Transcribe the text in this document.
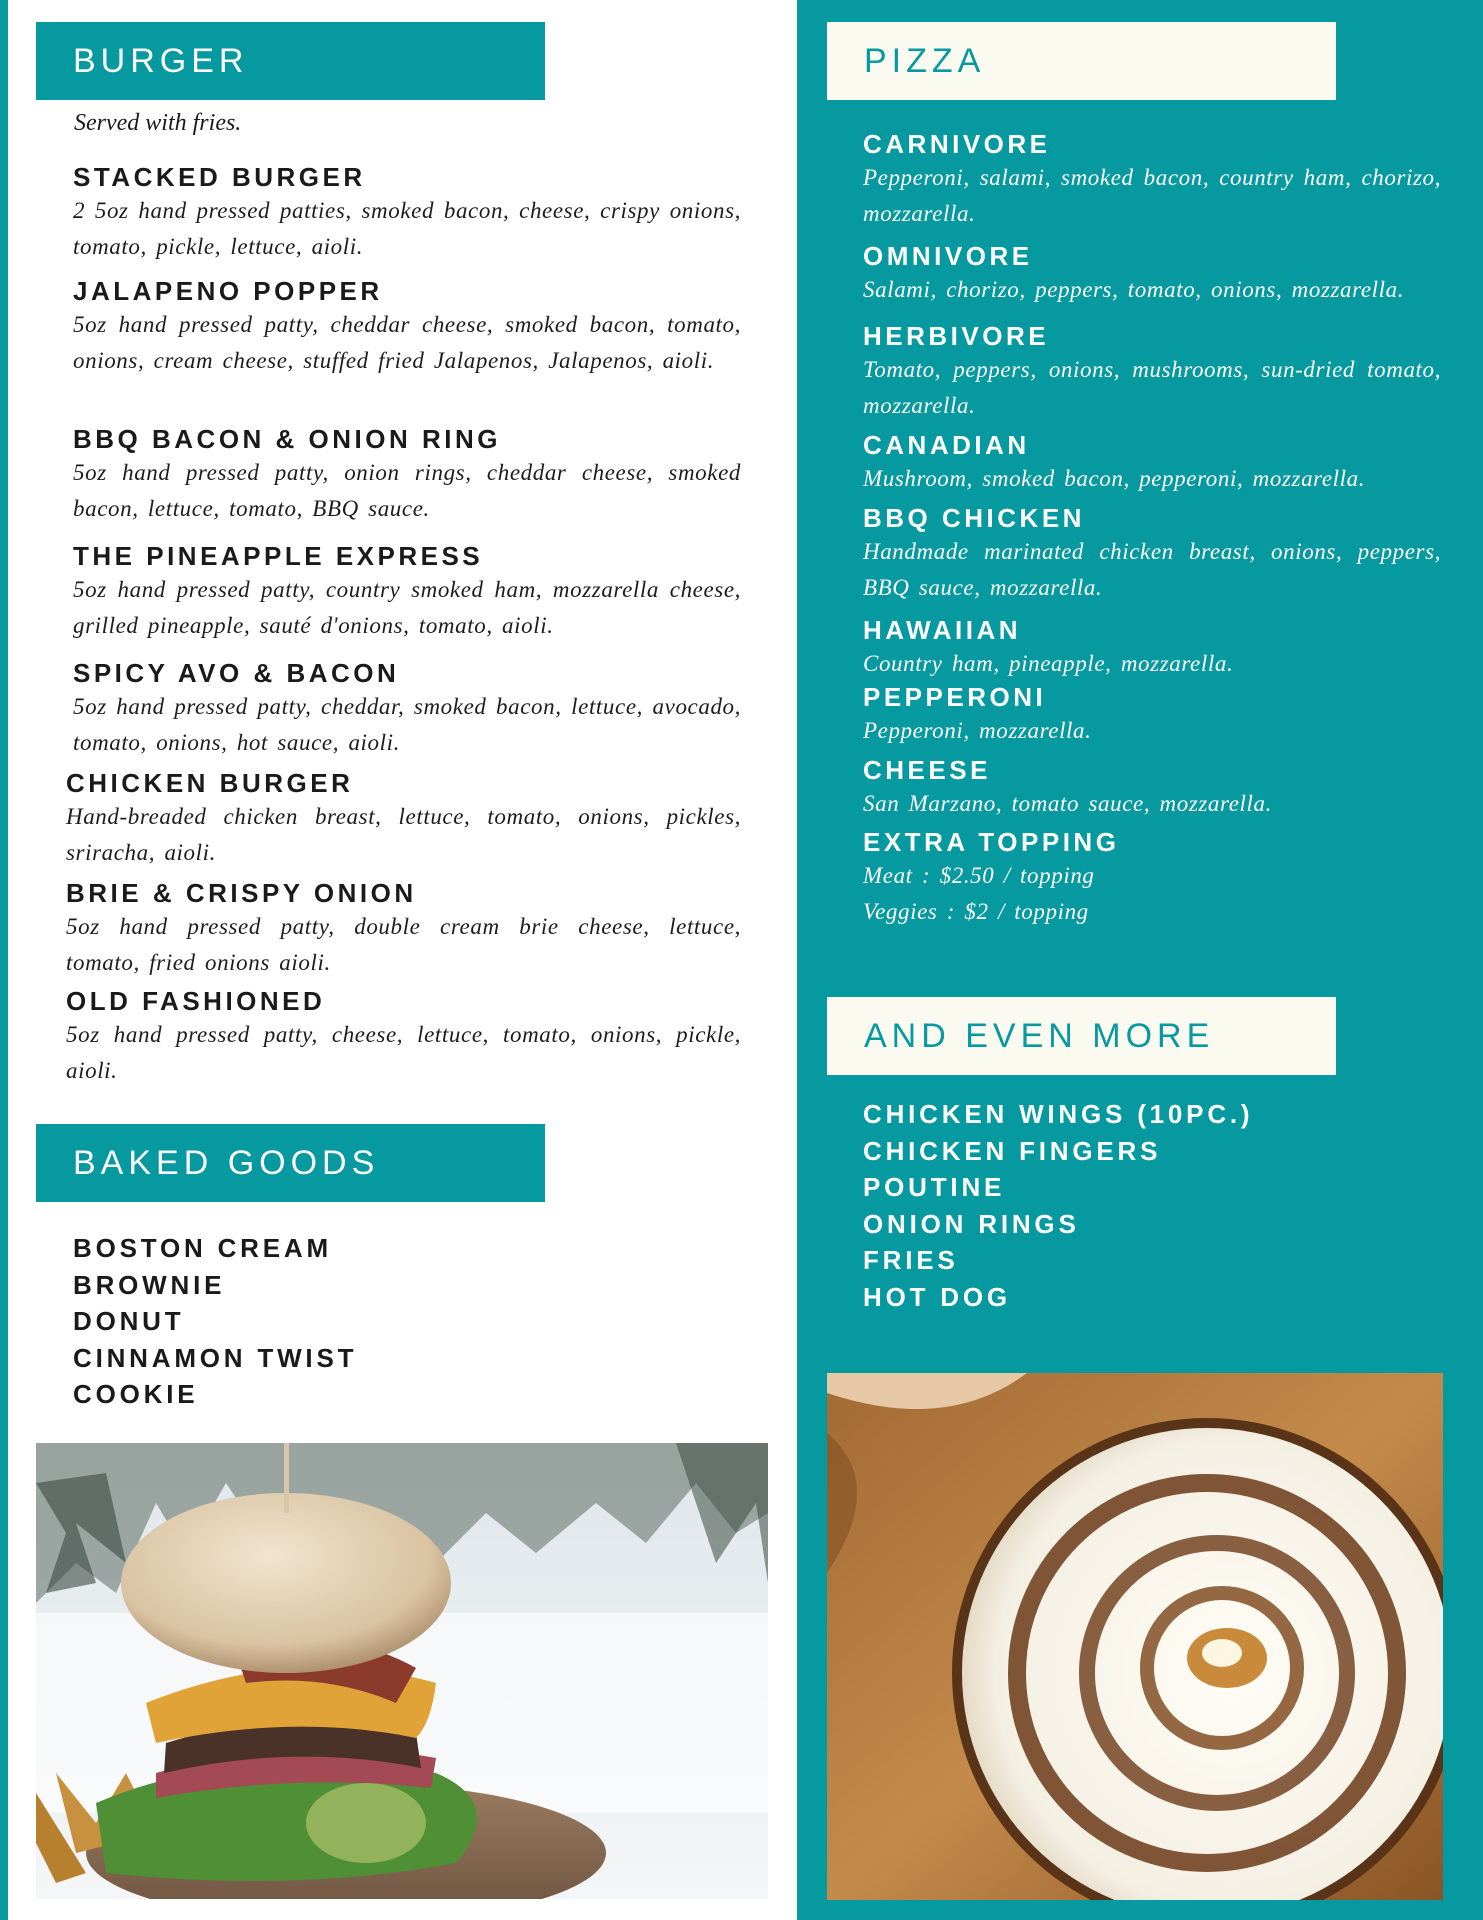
BURGER
Served with fries.

STACKED BURGER

2 5oz hand pressed patties, smoked bacon, cheese, crispy onions, tomato, pickle, lettuce, aioli.

JALAPENO POPPER

5oz hand pressed patty, cheddar cheese, smoked bacon, tomato, onions, cream cheese, stuffed fried Jalapenos, Jalapenos, aioli.

BBQ BACON & ONION RING

5oz hand pressed patty, onion rings, cheddar cheese, smoked bacon, lettuce, tomato, BBQ sauce.

THE PINEAPPLE EXPRESS

5oz hand pressed patty, country smoked ham, mozzarella cheese, grilled pineapple, sauté d'onions, tomato, aioli.

SPICY AVO & BACON

5oz hand pressed patty, cheddar, smoked bacon, lettuce, avocado, tomato, onions, hot sauce, aioli.

CHICKEN BURGER

Hand-breaded chicken breast, lettuce, tomato, onions, pickles, sriracha, aioli.

BRIE & CRISPY ONION

5oz hand pressed patty, double cream brie cheese, lettuce, tomato, fried onions aioli.

OLD FASHIONED

5oz hand pressed patty, cheese, lettuce, tomato, onions, pickle, aioli.

BAKED GOODS
BOSTON CREAM
BROWNIE
DONUT
CINNAMON TWIST
COOKIE
PIZZA

CARNIVORE

Pepperoni, salami, smoked bacon, country ham, chorizo, mozzarella.

OMNIVORE

Salami, chorizo, peppers, tomato, onions, mozzarella.

HERBIVORE

Tomato, peppers, onions, mushrooms, sun-dried tomato, mozzarella.

CANADIAN

Mushroom, smoked bacon, pepperoni, mozzarella.

BBQ CHICKEN

Handmade marinated chicken breast, onions, peppers, BBQ sauce, mozzarella.

HAWAIIAN

Country ham, pineapple, mozzarella.

PEPPERONI

Pepperoni, mozzarella.

CHEESE

San Marzano, tomato sauce, mozzarella.

EXTRA TOPPING

Meat : $2.50 / topping

Veggies : $2 / topping

AND EVEN MORE
CHICKEN WINGS (10PC.)
CHICKEN FINGERS
POUTINE
ONION RINGS
FRIES
HOT DOG
